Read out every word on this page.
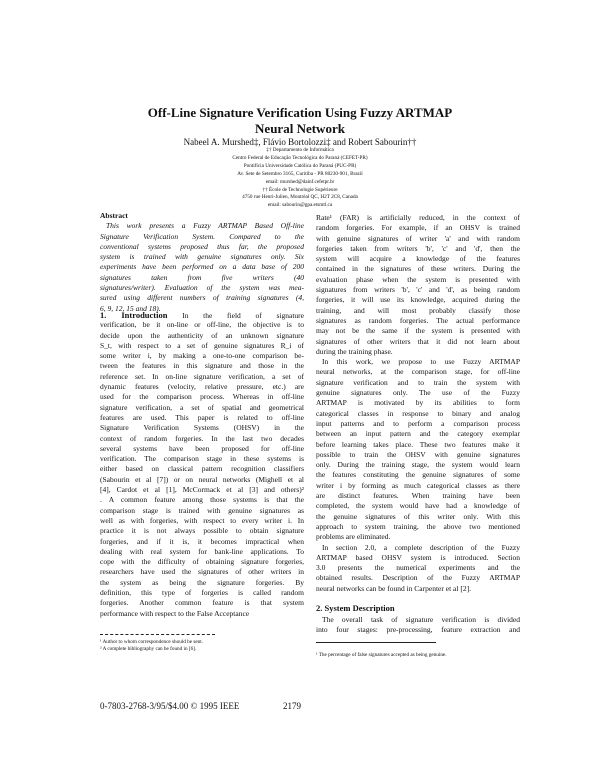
Off-Line Signature Verification Using Fuzzy ARTMAP
Neural Network
Nabeel A. Murshed‡, Flávio Bortolozzi‡ and Robert Sabourin††
‡† Departamento de Informática
Centro Federal de Educação Tecnológica do Paraná (CEFET-PR)
Pontifícia Universidade Católica do Paraná (PUC-PR)
Av. Sete de Setembro 3165, Curitiba - PR 80230-901, Brazil
email: murshed@dainf.cefetpr.br
†† École de Technologie Supérieure
4750 rue Henri-Julien, Montréal QC, H2T 2C8, Canada
email: sabourin@gpa.etsmtl.ca
Abstract
This work presents a Fuzzy ARTMAP Based Off-line
Signature Verification System. Compared to the
conventional systems proposed thus far, the proposed
system is trained with genuine signatures only. Six
experiments have been performed on a data base of 200
signatures taken from five writers (40
signatures/writer). Evaluation of the system was mea-
sured using different numbers of training signatures (4,
6, 9, 12, 15 and 18).
1. Introduction In the field of signature
verification, be it on-line or off-line, the objective is to
decide upon the authenticity of an unknown signature
S_t, with respect to a set of genuine signatures R_i of
some writer i, by making a one-to-one comparison be-
tween the features in this signature and those in the
reference set. In on-line signature verification, a set of
dynamic features (velocity, relative pressure, etc.) are
used for the comparison process. Whereas in off-line
signature verification, a set of spatial and geometrical
features are used. This paper is related to off-line
Signature Verification Systems (OHSV) in the
context of random forgeries. In the last two decades
several systems have been proposed for off-line
verification. The comparison stage in these systems is
either based on classical pattern recognition classifiers
(Sabourin et al [7]) or on neural networks (Mighell et al
[4], Cardot et al [1], McCormack et al [3] and others)²
. A common feature among those systems is that the
comparison stage is trained with genuine signatures as
well as with forgeries, with respect to every writer i. In
practice it is not always possible to obtain signature
forgeries, and if it is, it becomes impractical when
dealing with real system for bank-line applications. To
cope with the difficulty of obtaining signature forgeries,
researchers have used the signatures of other writers in
the system as being the signature forgeries. By
definition, this type of forgeries is called random
forgeries. Another common feature is that system
performance with respect to the False Acceptance
Rate¹ (FAR) is artificially reduced, in the context of
random forgeries. For example, if an OHSV is trained
with genuine signatures of writer 'a' and with random
forgeries taken from writers 'b', 'c' and 'd', then the
system will acquire a knowledge of the features
contained in the signatures of these writers. During the
evaluation phase when the system is presented with
signatures from writers 'b', 'c' and 'd', as being random
forgeries, it will use its knowledge, acquired during the
training, and will most probably classify those
signatures as random forgeries. The actual performance
may not be the same if the system is presented with
signatures of other writers that it did not learn about
during the training phase.
In this work, we propose to use Fuzzy ARTMAP
neural networks, at the comparison stage, for off-line
signature verification and to train the system with
genuine signatures only. The use of the Fuzzy
ARTMAP is motivated by its abilities to form
categorical classes in response to binary and analog
input patterns and to perform a comparison process
between an input pattern and the category exemplar
before learning takes place. These two features make it
possible to train the OHSV with genuine signatures
only. During the training stage, the system would learn
the features constituting the genuine signatures of some
writer i by forming as much categorical classes as there
are distinct features. When training have been
completed, the system would have had a knowledge of
the genuine signatures of this writer only. With this
approach to system training, the above two mentioned
problems are eliminated.
In section 2.0, a complete description of the Fuzzy
ARTMAP based OHSV system is introduced. Section
3.0 presents the numerical experiments and the
obtained results. Description of the Fuzzy ARTMAP
neural networks can be found in Carpenter et al [2].
2. System Description
The overall task of signature verification is divided
into four stages: pre-processing, feature extraction and
¹ Author to whom correspondence should be sent.
² A complete bibliography can be found in [6].
¹ The percentage of false signatures accepted as being genuine.
0-7803-2768-3/95/$4.00 © 1995 IEEE	2179
